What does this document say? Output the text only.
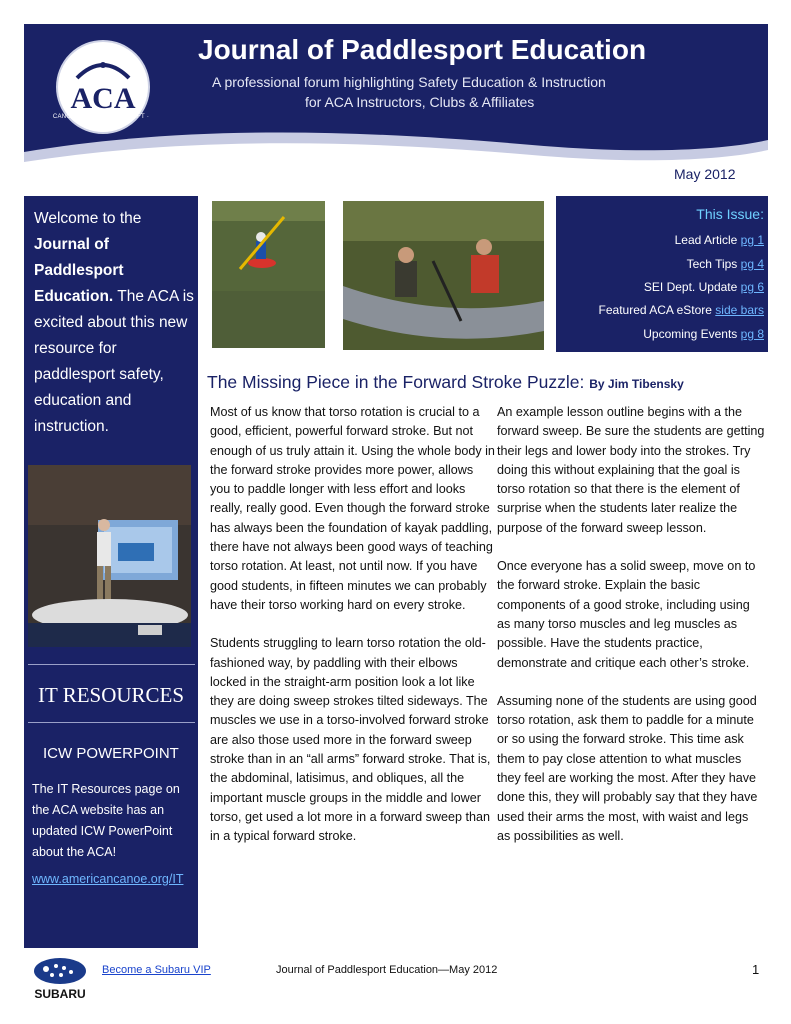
ACA
CANOE · KAYAK · SUP · RAFT · RESCUE
Journal of Paddlesport Education
A professional forum highlighting Safety Education & Instruction
for ACA Instructors, Clubs & Affiliates
May 2012
Welcome to the Journal of Paddlesport Education. The ACA is excited about this new resource for paddlesport safety, education and instruction.
IT RESOURCES
ICW POWERPOINT
The IT Resources page on the ACA website has an updated ICW PowerPoint about the ACA!
www.americancanoe.org/IT
This Issue:
Lead Article pg 1
Tech Tips pg 4
SEI Dept. Update pg 6
Featured ACA eStore side bars
Upcoming Events pg 8
The Missing Piece in the Forward Stroke Puzzle: By Jim Tibensky

Most of us know that torso rotation is crucial to a good, efficient, powerful forward stroke. But not enough of us truly attain it. Using the whole body in the forward stroke provides more power, allows you to paddle longer with less effort and looks really, really good. Even though the forward stroke has always been the foundation of kayak paddling, there have not always been good ways of teaching torso rotation. At least, not until now. If you have good students, in fifteen minutes we can probably have their torso working hard on every stroke.

Students struggling to learn torso rotation the old-fashioned way, by paddling with their elbows locked in the straight-arm position look a lot like they are doing sweep strokes tilted sideways. The muscles we use in a torso-involved forward stroke are also those used more in the forward sweep stroke than in an “all arms” forward stroke. That is, the abdominal, latisimus, and obliques, all the important muscle groups in the middle and lower torso, get used a lot more in a forward sweep than in a typical forward stroke.

An example lesson outline begins with a the forward sweep. Be sure the students are getting their legs and lower body into the strokes. Try doing this without explaining that the goal is torso rotation so that there is the element of surprise when the students later realize the purpose of the forward sweep lesson.

Once everyone has a solid sweep, move on to the forward stroke. Explain the basic components of a good stroke, including using as many torso muscles and leg muscles as possible. Have the students practice, demonstrate and critique each other’s stroke.

Assuming none of the students are using good torso rotation, ask them to paddle for a minute or so using the forward stroke. This time ask them to pay close attention to what muscles they feel are working the most. After they have done this, they will probably say that they have used their arms the most, with waist and legs as possibilities as well.

SUBARU
Become a Subaru VIP	Journal of Paddlesport Education—May 2012	1
